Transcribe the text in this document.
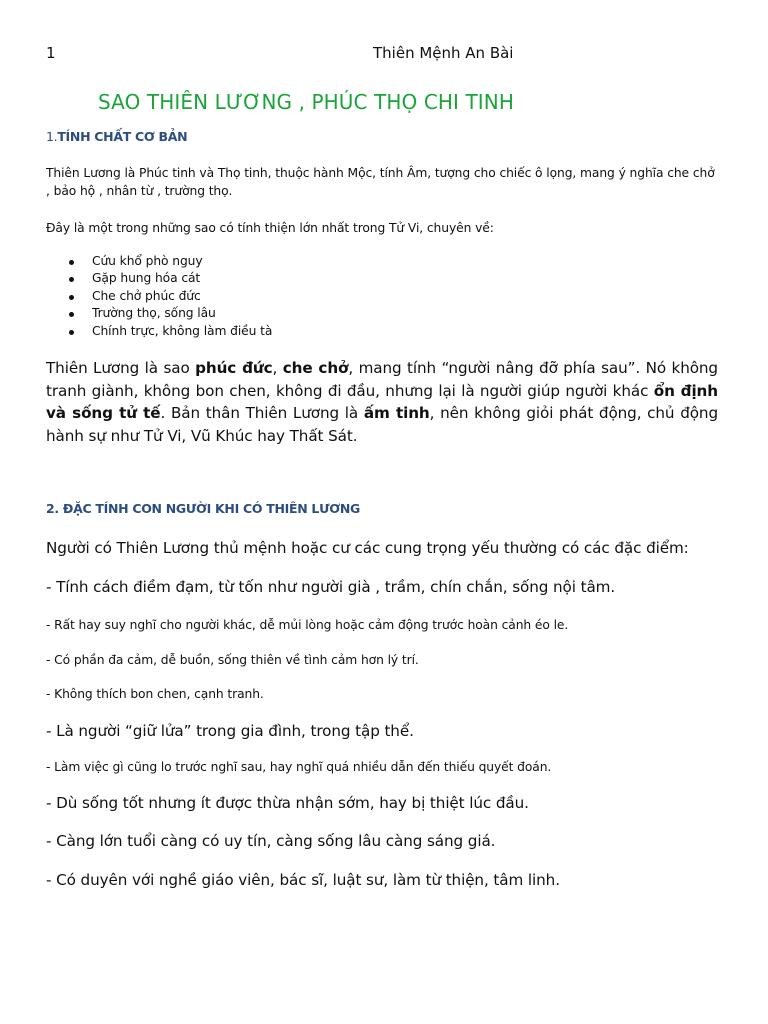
1	Thiên Mệnh An Bài
SAO THIÊN LƯƠNG , PHÚC THỌ CHI TINH
1.TÍNH CHẤT CƠ BẢN

Thiên Lương là Phúc tinh và Thọ tinh, thuộc hành Mộc, tính Âm, tượng cho chiếc ô lọng, mang ý nghĩa che chở , bảo hộ , nhân từ , trường thọ.

Đây là một trong những sao có tính thiện lớn nhất trong Tử Vi, chuyên về:

Cứu khổ phò nguy
Gặp hung hóa cát
Che chở phúc đức
Trường thọ, sống lâu
Chính trực, không làm điều tà

Thiên Lương là sao phúc đức, che chở, mang tính “người nâng đỡ phía sau”. Nó không tranh giành, không bon chen, không đi đầu, nhưng lại là người giúp người khác ổn định và sống tử tế. Bản thân Thiên Lương là ấm tinh, nên không giỏi phát động, chủ động hành sự như Tử Vi, Vũ Khúc hay Thất Sát.

2. ĐẶC TÍNH CON NGƯỜI KHI CÓ THIÊN LƯƠNG

Người có Thiên Lương thủ mệnh hoặc cư các cung trọng yếu thường có các đặc điểm:

- Tính cách điềm đạm, từ tốn như người già , trầm, chín chắn, sống nội tâm.

- Rất hay suy nghĩ cho người khác, dễ mủi lòng hoặc cảm động trước hoàn cảnh éo le.

- Có phần đa cảm, dễ buồn, sống thiên về tình cảm hơn lý trí.

- Không thích bon chen, cạnh tranh.

- Là người “giữ lửa” trong gia đình, trong tập thể.

- Làm việc gì cũng lo trước nghĩ sau, hay nghĩ quá nhiều dẫn đến thiếu quyết đoán.

- Dù sống tốt nhưng ít được thừa nhận sớm, hay bị thiệt lúc đầu.

- Càng lớn tuổi càng có uy tín, càng sống lâu càng sáng giá.

- Có duyên với nghề giáo viên, bác sĩ, luật sư, làm từ thiện, tâm linh.
